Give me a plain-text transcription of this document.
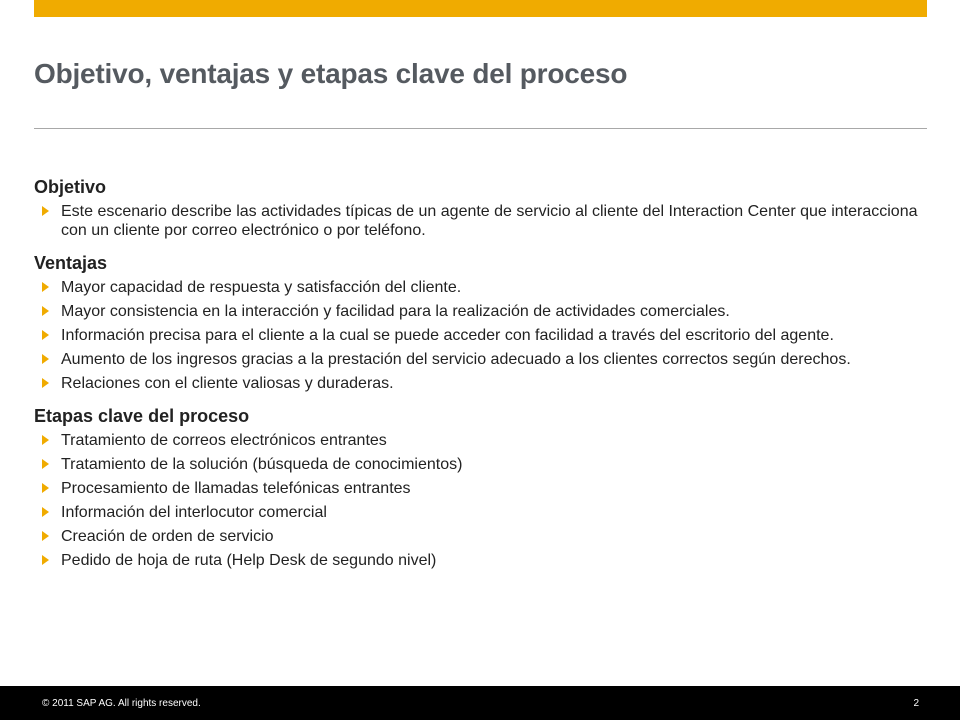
Objetivo, ventajas y etapas clave del proceso
Objetivo
Este escenario describe las actividades típicas de un agente de servicio al cliente del Interaction Center que interacciona con un cliente por correo electrónico o por teléfono.
Ventajas
Mayor capacidad de respuesta y satisfacción del cliente.
Mayor consistencia en la interacción y facilidad para la realización de actividades comerciales.
Información precisa para el cliente a la cual se puede acceder con facilidad a través del escritorio del agente.
Aumento de los ingresos gracias a la prestación del servicio adecuado a los clientes correctos según derechos.
Relaciones con el cliente valiosas y duraderas.
Etapas clave del proceso
Tratamiento de correos electrónicos entrantes
Tratamiento de la solución (búsqueda de conocimientos)
Procesamiento de llamadas telefónicas entrantes
Información del interlocutor comercial
Creación de orden de servicio
Pedido de hoja de ruta (Help Desk de segundo nivel)
© 2011 SAP AG. All rights reserved.	2
